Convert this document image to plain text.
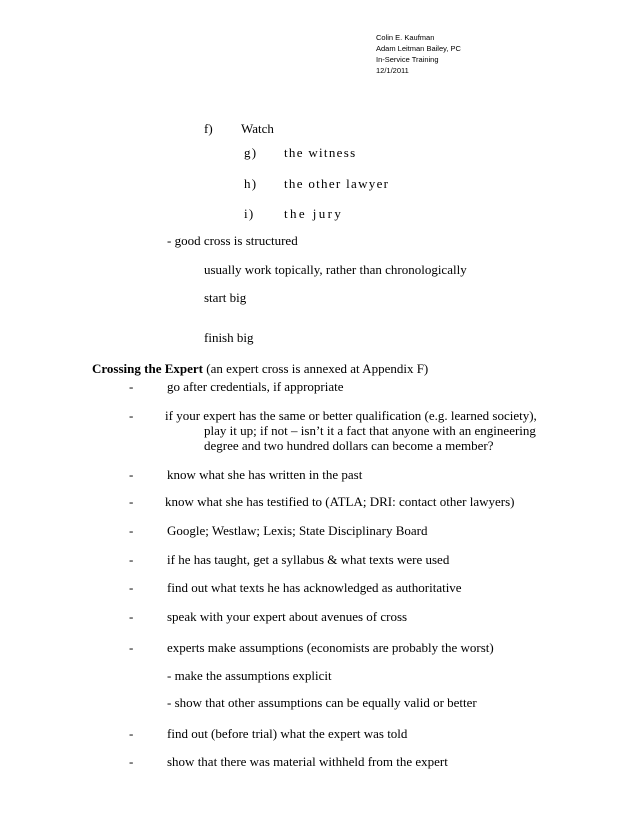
Colin E. Kaufman
Adam Leitman Bailey, PC
In-Service Training
12/1/2011
f) Watch
g) the witness
h) the other lawyer
i) the jury
- good cross is structured
usually work topically, rather than chronologically
start big
finish big
Crossing the Expert (an expert cross is annexed at Appendix F)
-	go after credentials, if appropriate
- if your expert has the same or better qualification (e.g. learned society),
play it up; if not – isn’t it a fact that anyone with an engineering
degree and two hundred dollars can become a member?
-	know what she has written in the past
- know what she has testified to (ATLA; DRI: contact other lawyers)
-	Google; Westlaw; Lexis; State Disciplinary Board
-	if he has taught, get a syllabus & what texts were used
-	find out what texts he has acknowledged as authoritative
-	speak with your expert about avenues of cross
-	experts make assumptions (economists are probably the worst)
- make the assumptions explicit
- show that other assumptions can be equally valid or better
-	find out (before trial) what the expert was told
-	show that there was material withheld from the expert
